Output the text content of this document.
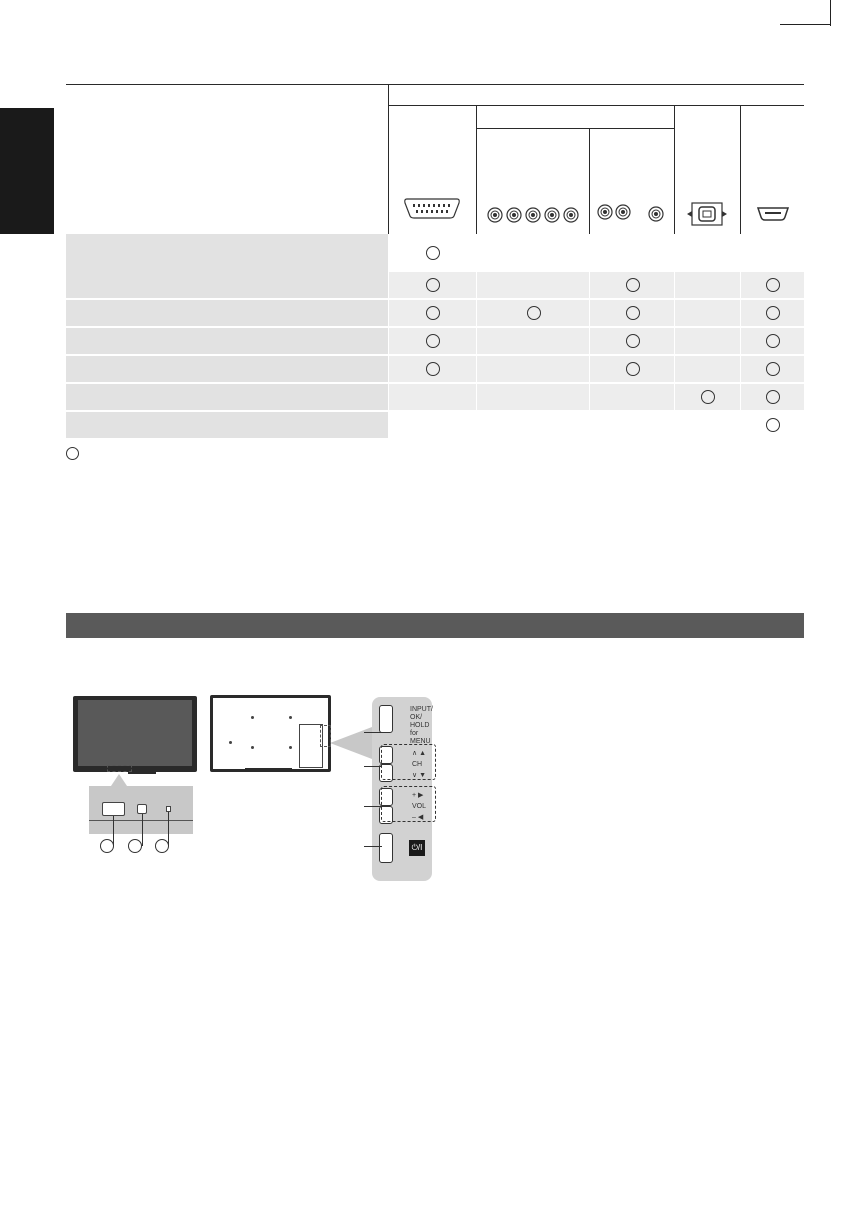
INPUT/
OK/
HOLD
for
MENU
∧ ▲
CH
∨ ▼
+ ▶
VOL
– ◀
⏻/I
